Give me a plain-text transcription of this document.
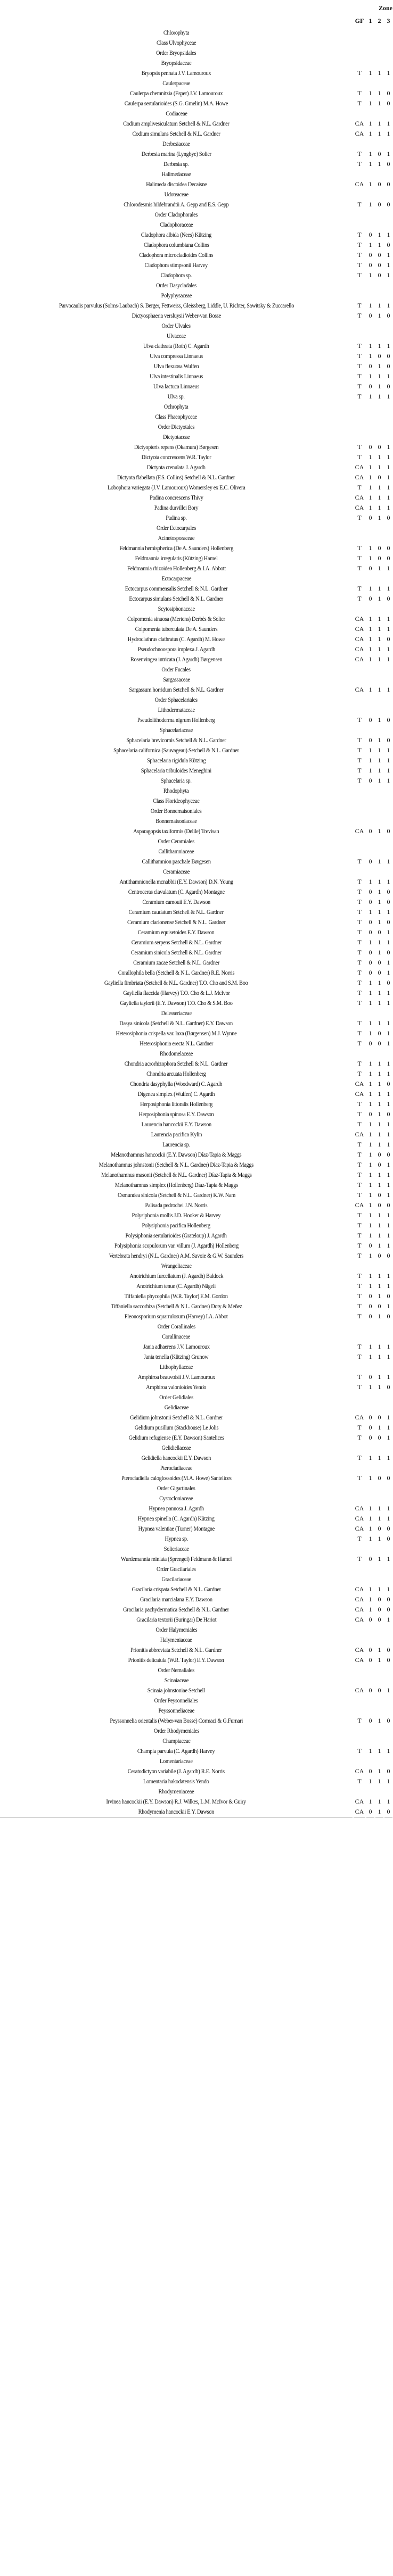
	Zone			
	GF	1	2	3
Chlorophyta				
Class Ulvophyceae				
Order Bryopsidales				
Bryopsidaceae				
Bryopsis pennata J.V. Lamouroux	T	1	1	1
Caulerpaceae				
Caulerpa chemnitzia (Esper) J.V. Lamouroux	T	1	1	0
Caulerpa sertularioides (S.G. Gmelin) M.A. Howe	T	1	1	0
Codiaceae				
Codium amplivesiculatum Setchell & N.L. Gardner	CA	1	1	1
Codium simulans Setchell & N.L. Gardner	CA	1	1	1
Derbesiaceae				
Derbesia marina (Lyngbye) Solier	T	1	0	1
Derbesia sp.	T	1	1	0
Halimedaceae				
Halimeda discoidea Decaisne	CA	1	0	0
Udoteaceae				
Chlorodesmis hildebrandtii A. Gepp and E.S. Gepp	T	1	0	0
Order Cladophorales				
Cladophoraceae				
Cladophora albida (Nees) Kützing	T	0	1	1
Cladophora columbiana Collins	T	1	1	0
Cladophora microcladioides Collins	T	0	0	1
Cladophora stimpsonii Harvey	T	0	0	1
Cladophora sp.	T	1	0	1
Order Dasycladales				
Polyphysaceae				
Parvocaulis parvulus (Solms-Laubach) S. Berger, Fettweiss, Gleissberg, Liddle, U. Richter, Sawitsky & Zuccarello	T	1	1	1
Dictyosphaeria versluysii Weber-van Bosse	T	0	1	0
Order Ulvales				
Ulvaceae				
Ulva clathrata (Roth) C. Agardh	T	1	1	1
Ulva compressa Linnaeus	T	1	0	0
Ulva flexuosa Wulfen	T	0	1	0
Ulva intestinalis Linnaeus	T	1	1	1
Ulva lactuca Linnaeus	T	0	1	0
Ulva sp.	T	1	1	1
Ochrophyta				
Class Phaeophyceae				
Order Dictyotales				
Dictyotaceae				
Dictyopteris repens (Okamura) Børgesen	T	0	0	1
Dictyota concrescens W.R. Taylor	T	1	1	1
Dictyota crenulata J. Agardh	CA	1	1	1
Dictyota flabellata (F.S. Collins) Setchell & N.L. Gardner	CA	1	0	1
Lobophora variegata (J.V. Lamouroux) Womersley ex E.C. Olivera	T	1	1	1
Padina concrescens Thivy	CA	1	1	1
Padina durvillei Bory	CA	1	1	1
Padina sp.	T	0	1	0
Order Ectocarpales				
Acinetosporaceae				
Feldmannia hemispherica (De A. Saunders) Hollenberg	T	1	0	0
Feldmannia irregularis (Kützing) Hamel	T	1	0	0
Feldmannia rhizoidea Hollenberg & I.A. Abbott	T	0	1	1
Ectocarpaceae				
Ectocarpus commensalis Setchell & N.L. Gardner	T	1	1	1
Ectocarpus simulans Setchell & N.L. Gardner	T	0	1	0
Scytosiphonaceae				
Colpomenia sinuosa (Mertens) Derbès & Solier	CA	1	1	1
Colpomenia tuberculata De A. Saunders	CA	1	1	1
Hydroclathrus clathratus (C. Agardh) M. Howe	CA	1	1	0
Pseudochnoospora implexa J. Agardh	CA	1	1	1
Rosenvingea intricata (J. Agardh) Børgensen	CA	1	1	1
Order Fucales				
Sargassaceae				
Sargassum horridum Setchell & N.L. Gardner	CA	1	1	1
Order Sphacelariales				
Lithodermataceae				
Pseudolithoderma nigrum Hollenberg	T	0	1	0
Sphacelariaceae				
Sphacelaria brevicornis Setchell & N.L. Gardner	T	0	1	0
Sphacelaria californica (Sauvageau) Setchell & N.L. Gardner	T	1	1	1
Sphacelaria rigidula Kützing	T	1	1	1
Sphacelaria tribuloides Meneghini	T	1	1	1
Sphacelaria sp.	T	0	1	1
Rhodophyta				
Class Florideophyceae				
Order Bonnemaisoniales				
Bonnemaisoniaceae				
Asparagopsis taxiformis (Delile) Trevisan	CA	0	1	0
Order Ceramiales				
Callithamniaceae				
Callithamnion paschale Børgesen	T	0	1	1
Ceramiaceae				
Antithamnionella mcnabbii (E.Y. Dawson) D.N. Young	T	1	1	1
Centroceras clavulatum (C. Agardh) Montagne	T	0	1	0
Ceramium camouii E.Y. Dawson	T	0	1	0
Ceramium caudatum Setchell & N.L. Gardner	T	1	1	1
Ceramium clarionense Setchell & N.L. Gardner	T	0	1	0
Ceramium equisetoides E.Y. Dawson	T	0	0	1
Ceramium serpens Setchell & N.L. Gardner	T	1	1	1
Ceramium sinicola Setchell & N.L. Gardner	T	0	1	0
Ceramium zacae Setchell & N.L. Gardner	T	0	0	1
Corallophila bella (Setchell & N.L. Gardner) R.E. Norris	T	0	0	1
Gayliella fimbriata (Setchell & N.L. Gardner) T.O. Cho and S.M. Boo	T	1	1	0
Gayliella flaccida (Harvey) T.O. Cho & L.J. McIvor	T	1	1	1
Gayliella taylorii (E.Y. Dawson) T.O. Cho & S.M. Boo	T	1	1	1
Delesseriaceae				
Dasya sinicola (Setchell & N.L. Gardner) E.Y. Dawson	T	1	1	1
Heterosiphonia crispella var. laxa (Børgensen) M.J. Wynne	T	1	0	1
Heterosiphonia erecta N.L. Gardner	T	0	0	1
Rhodomelaceae				
Chondria acrorhizophora Setchell & N.L. Gardner	T	1	1	1
Chondria arcuata Hollenberg	T	1	1	1
Chondria dasyphylla (Woodward) C. Agardh	CA	1	1	0
Digenea simplex (Wulfen) C. Agardh	CA	1	1	1
Herposiphonia littoralis Hollenberg	T	1	1	1
Herposiphonia spinosa E.Y. Dawson	T	0	1	0
Laurencia hancockii E.Y. Dawson	T	1	1	1
Laurencia pacifica Kylin	CA	1	1	1
Laurencia sp.	T	1	1	1
Melanothamnus hancockii (E.Y. Dawson) Díaz-Tapia & Maggs	T	1	0	0
Melanothamnus johnstonii (Setchell & N.L. Gardner) Díaz-Tapia & Maggs	T	1	0	1
Melanothamnus masonii (Setchell & N.L. Gardner) Díaz-Tapia & Maggs	T	1	1	1
Melanothamnus simplex (Hollenberg) Díaz-Tapia & Maggs	T	1	1	1
Osmundea sinicola (Setchell & N.L. Gardner) K.W. Nam	T	1	0	1
Palisada pedrochei J.N. Norris	CA	1	0	0
Polysiphonia mollis J.D. Hooker & Harvey	T	1	1	1
Polysiphonia pacifica Hollenberg	T	1	1	1
Polysiphonia sertularioides (Grateloup) J. Agardh	T	1	1	1
Polysiphonia scopulorum var. villum (J. Agardh) Hollenberg	T	0	1	1
Vertebrata hendryi (N.L. Gardner) A.M. Savoie & G.W. Saunders	T	1	0	0
Wrangeliaceae				
Anotrichium furcellatum (J. Agardh) Baldock	T	1	1	1
Anotrichium tenue (C. Agardh) Nägeli	T	1	1	1
Tiffaniella phycophila (W.R. Taylor) E.M. Gordon	T	0	1	0
Tiffaniella saccorhiza (Setchell & N.L. Gardner) Doty & Meñez	T	0	0	1
Pleonosporium squarrulosum (Harvey) I.A. Abbot	T	0	1	0
Order Corallinales				
Corallinaceae				
Jania adhaerens J.V. Lamouroux	T	1	1	1
Jania tenella (Kützing) Grunow	T	1	1	1
Lithophyllaceae				
Amphiroa beauvoisii J.V. Lamouroux	T	0	1	1
Amphiroa valonioides Yendo	T	1	1	0
Order Gelidiales				
Gelidiaceae				
Gelidium johnstonii Setchell & N.L. Gardner	CA	0	0	1
Gelidium pusillum (Stackhouse) Le Jolis	T	0	1	1
Gelidium refugiense (E.Y. Dawson) Santelices	T	0	0	1
Gelidiellaceae				
Gelidiella hancockii E.Y. Dawson	T	1	1	1
Pterocladiaceae				
Pterocladiella caloglossoides (M.A. Howe) Santelices	T	1	0	0
Order Gigartinales				
Cystocloniaceae				
Hypnea pannosa J. Agardh	CA	1	1	1
Hypnea spinella (C. Agardh) Kützing	CA	1	1	1
Hypnea valentiae (Turner) Montagne	CA	1	0	0
Hypnea sp.	T	1	1	0
Solieriaceae				
Wurdemannia miniata (Sprengel) Feldmann & Hamel	T	0	1	1
Order Gracilariales				
Gracilariaceae				
Gracilaria crispata Setchell & N.L. Gardner	CA	1	1	1
Gracilaria marcialana E.Y. Dawson	CA	1	0	0
Gracilaria pachydermatica Setchell & N.L. Gardner	CA	1	0	0
Gracilaria textorii (Suringar) De Hariot	CA	0	0	1
Order Halymeniales				
Halymeniaceae				
Prionitis abbreviata Setchell & N.L. Gardner	CA	0	1	0
Prionitis delicatula (W.R. Taylor) E.Y. Dawson	CA	0	1	0
Order Nemaliales				
Scinaiaceae				
Scinaia johnstoniae Setchell	CA	0	0	1
Order Peysonneliales				
Peyssonneliaceae				
Peyssonnelia orientalis (Weber-van Bosse) Cormaci & G.Furnari	T	0	1	0
Order Rhodymeniales				
Champiaceae				
Champia parvula (C. Agardh) Harvey	T	1	1	1
Lomentariaceae				
Ceratodictyon variabile (J. Agardh) R.E. Norris	CA	0	1	0
Lomentaria hakodatensis Yendo	T	1	1	1
Rhodymeniaceae				
Irvinea hancockii (E.Y. Dawson) R.J. Wilkes, L.M. McIvor & Guiry	CA	1	1	1
Rhodymenia hancockii E.Y. Dawson	CA	0	1	0
